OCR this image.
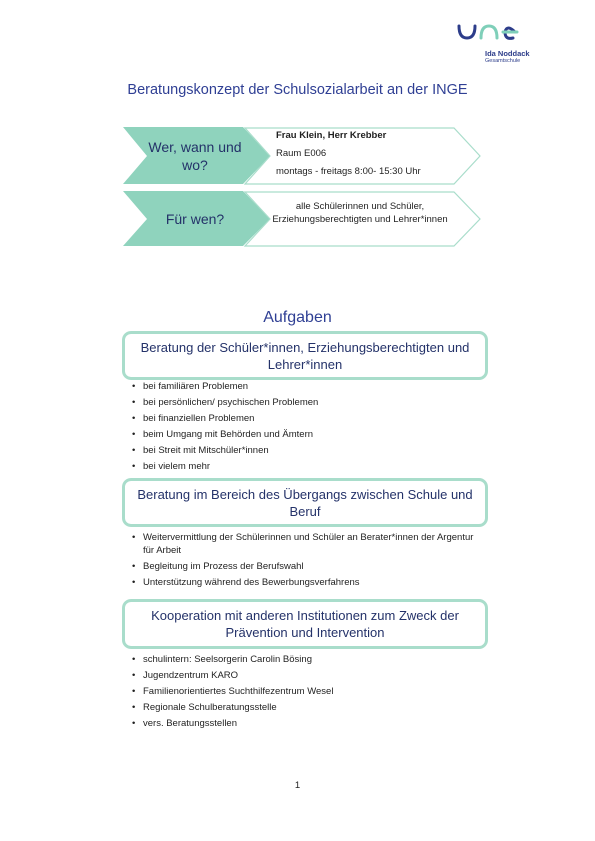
Ida Noddack
Gesamtschule
Beratungskonzept der Schulsozialarbeit an der INGE
Wer, wann und wo?
Frau Klein, Herr Krebber
Raum E006
montags - freitags 8:00- 15:30 Uhr
Für wen?
alle Schülerinnen und Schüler, Erziehungsberechtigten und Lehrer*innen
Aufgaben
Beratung der Schüler*innen, Erziehungsberechtigten und Lehrer*innen
• bei familiären Problemen
• bei persönlichen/ psychischen Problemen
• bei finanziellen Problemen
• beim Umgang mit Behörden und Ämtern
• bei Streit mit Mitschüler*innen
• bei vielem mehr
Beratung im Bereich des Übergangs zwischen Schule und Beruf
• Weitervermittlung der Schülerinnen und Schüler an Berater*innen der Argentur für Arbeit
• Begleitung im Prozess der Berufswahl
• Unterstützung während des Bewerbungsverfahrens
Kooperation mit anderen Institutionen zum Zweck der Prävention und Intervention
• schulintern: Seelsorgerin Carolin Bösing
• Jugendzentrum KARO
• Familienorientiertes Suchthilfezentrum Wesel
• Regionale Schulberatungsstelle
• vers. Beratungsstellen
1
